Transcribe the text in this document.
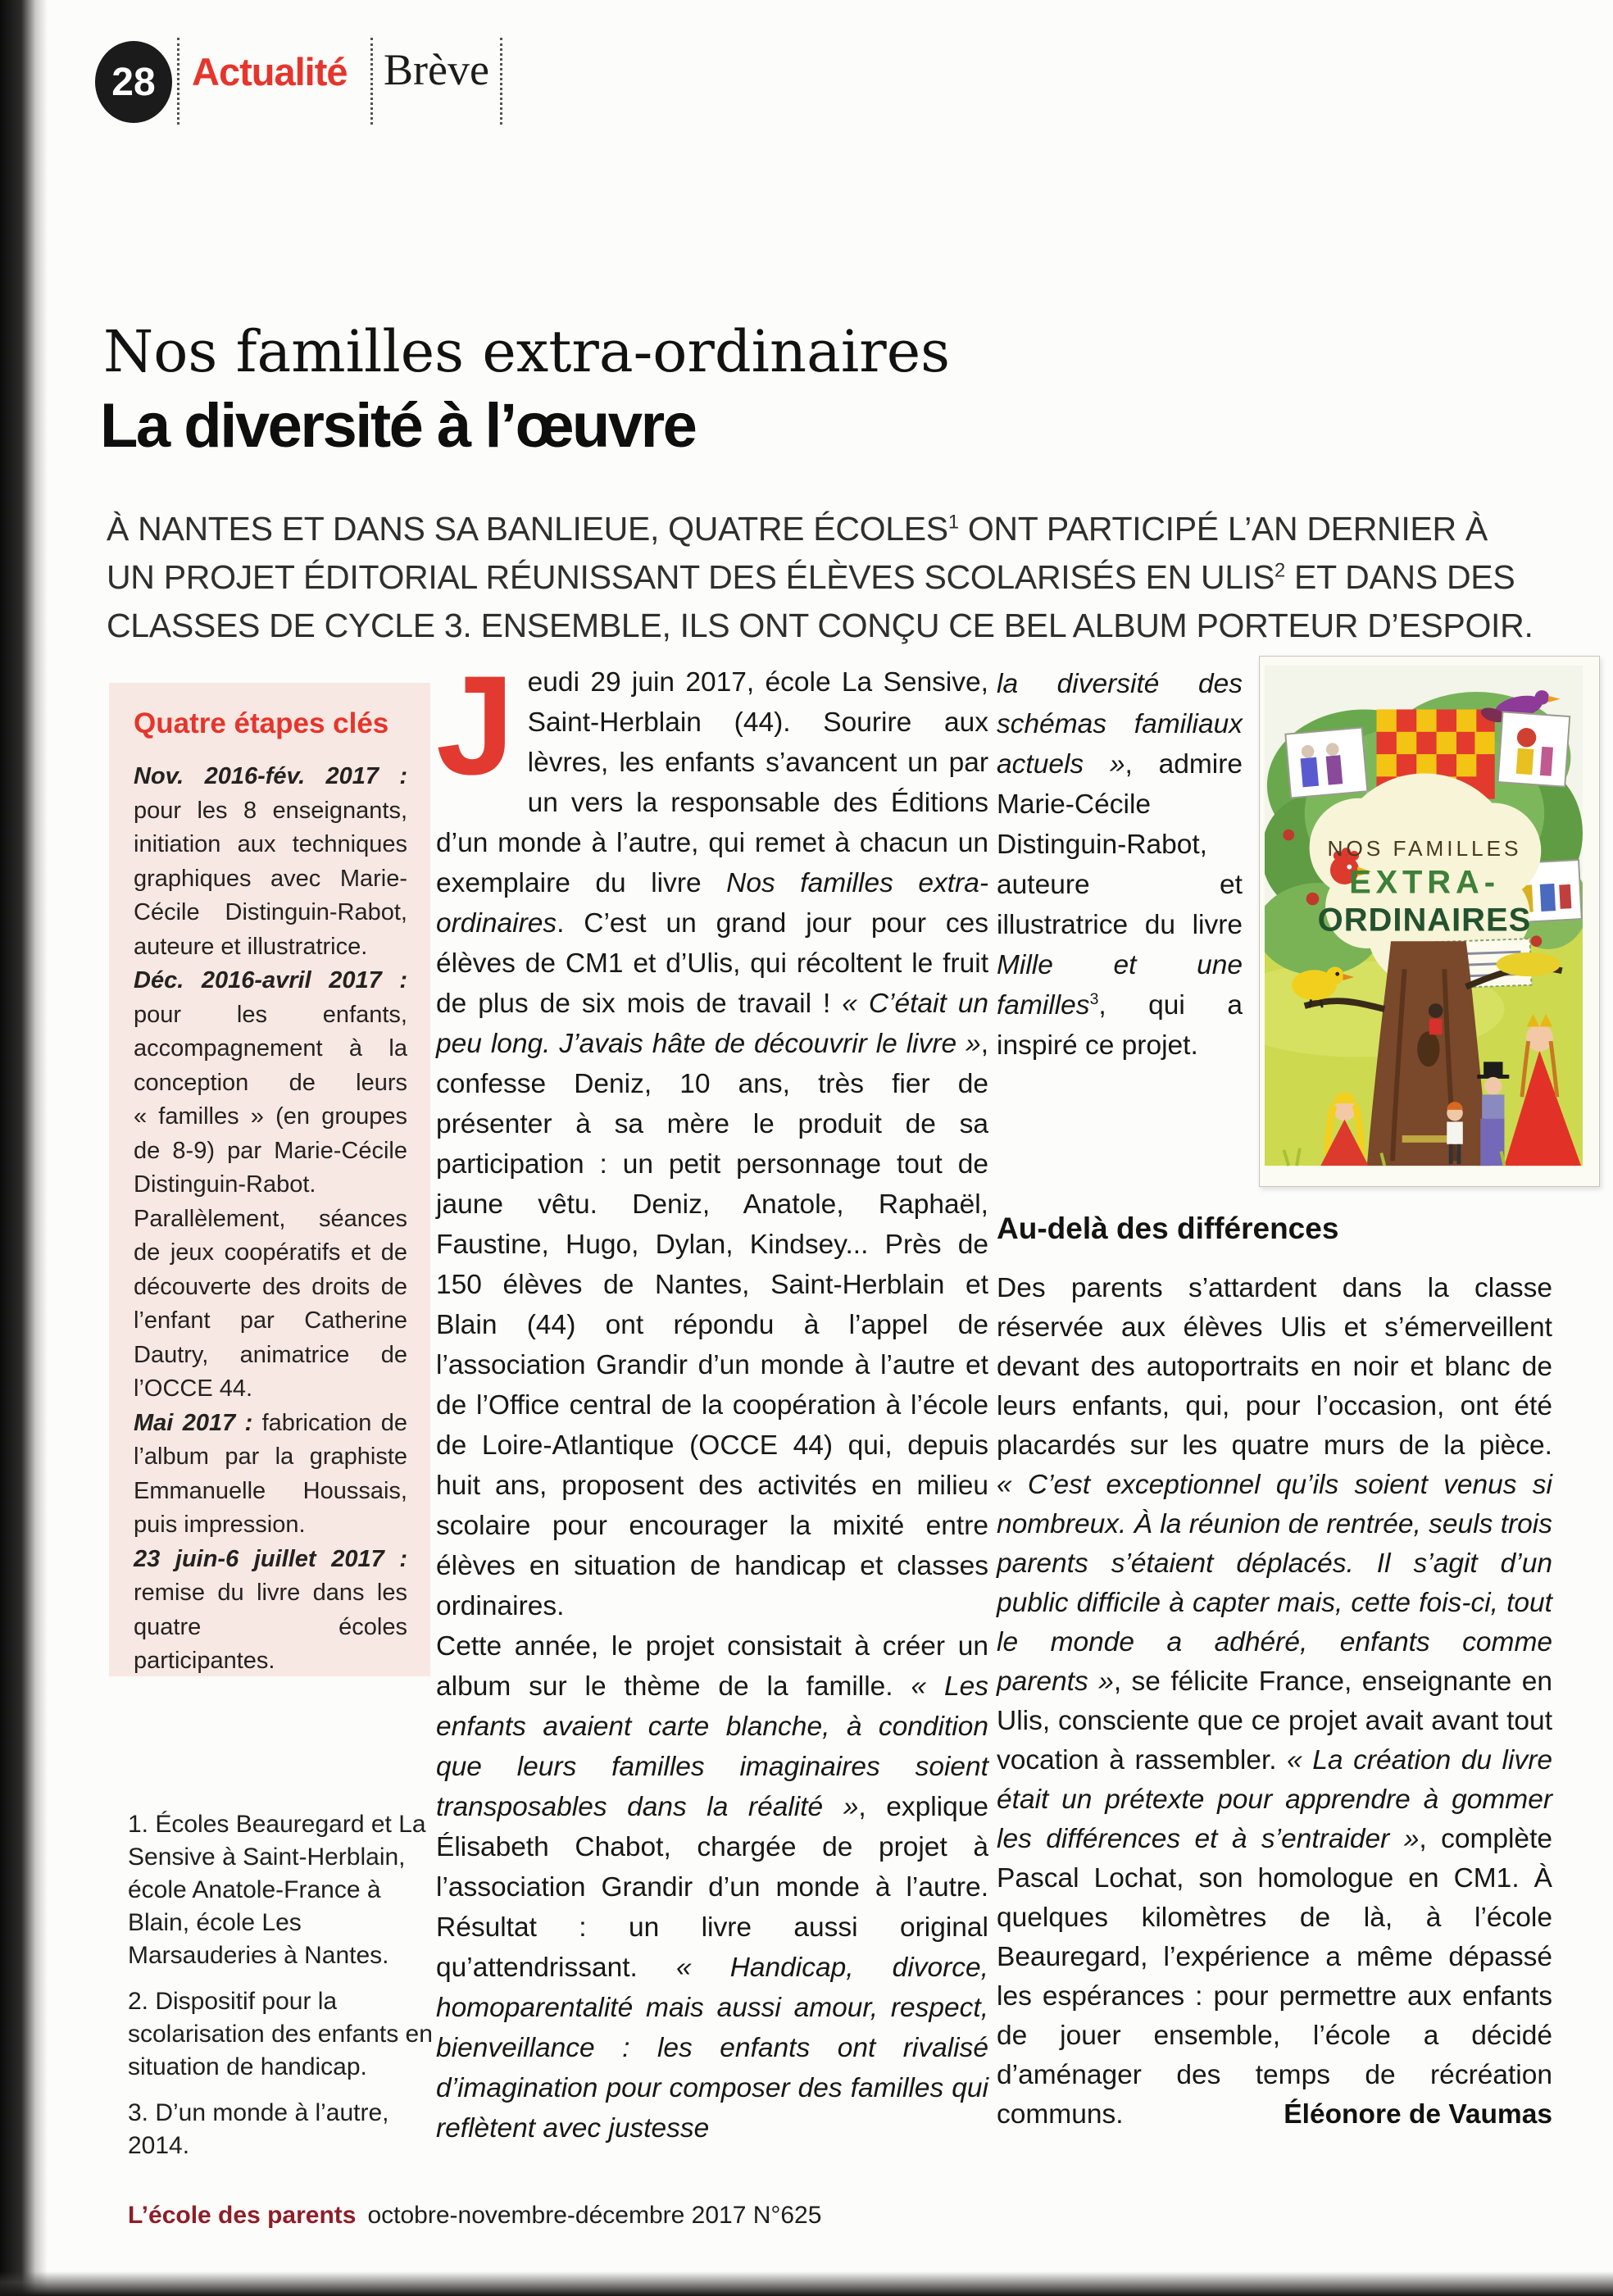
28 Actualité Brève
Nos familles extra-ordinaires
La diversité à l’œuvre
À NANTES ET DANS SA BANLIEUE, QUATRE ÉCOLES$^1$ ONT PARTICIPÉ L’AN DERNIER À UN PROJET ÉDITORIAL RÉUNISSANT DES ÉLÈVES SCOLARISÉS EN ULIS$^2$ ET DANS DES CLASSES DE CYCLE 3. ENSEMBLE, ILS ONT CONÇU CE BEL ALBUM PORTEUR D’ESPOIR.
Quatre étapes clés

Nov. 2016-fév. 2017 : pour les 8 enseignants, initiation aux techniques graphiques avec Marie-Cécile Distinguin-Rabot, auteure et illustratrice.

Déc. 2016-avril 2017 : pour les enfants, accompagnement à la conception de leurs « familles » (en groupes de 8-9) par Marie-Cécile Distinguin-Rabot. Parallèlement, séances de jeux coopératifs et de découverte des droits de l’enfant par Catherine Dautry, animatrice de l’OCCE 44.

Mai 2017 : fabrication de l’album par la graphiste Emmanuelle Houssais, puis impression.

23 juin-6 juillet 2017 : remise du livre dans les quatre écoles participantes.

1. Écoles Beauregard et La Sensive à Saint-Herblain, école Anatole-France à Blain, école Les Marsauderies à Nantes.

2. Dispositif pour la scolarisation des enfants en situation de handicap.

3. D’un monde à l’autre, 2014.

Jeudi 29 juin 2017, école La Sensive, Saint-Herblain (44). Sourire aux lèvres, les enfants s’avancent un par un vers la responsable des Éditions d’un monde à l’autre, qui remet à chacun un exemplaire du livre Nos familles extra-ordinaires. C’est un grand jour pour ces élèves de CM1 et d’Ulis, qui récoltent le fruit de plus de six mois de travail ! « C’était un peu long. J’avais hâte de découvrir le livre », confesse Deniz, 10 ans, très fier de présenter à sa mère le produit de sa participation : un petit personnage tout de jaune vêtu. Deniz, Anatole, Raphaël, Faustine, Hugo, Dylan, Kindsey... Près de 150 élèves de Nantes, Saint-Herblain et Blain (44) ont répondu à l’appel de l’association Grandir d’un monde à l’autre et de l’Office central de la coopération à l’école de Loire-Atlantique (OCCE 44) qui, depuis huit ans, proposent des activités en milieu scolaire pour encourager la mixité entre élèves en situation de handicap et classes ordinaires.

Cette année, le projet consistait à créer un album sur le thème de la famille. « Les enfants avaient carte blanche, à condition que leurs familles imaginaires soient transposables dans la réalité », explique Élisabeth Chabot, chargée de projet à l’association Grandir d’un monde à l’autre. Résultat : un livre aussi original qu’attendrissant. « Handicap, divorce, homoparentalité mais aussi amour, respect, bienveillance : les enfants ont rivalisé d’imagination pour composer des familles qui reflètent avec justesse

la diversité des schémas familiaux actuels », admire Marie-Cécile Distinguin-Rabot, auteure et illustratrice du livre Mille et une familles$^3$, qui a inspiré ce projet.
NOS FAMILLES
EXTRA-
ORDINAIRES
Au-delà des différences
Des parents s’attardent dans la classe réservée aux élèves Ulis et s’émerveillent devant des autoportraits en noir et blanc de leurs enfants, qui, pour l’occasion, ont été placardés sur les quatre murs de la pièce. « C’est exceptionnel qu’ils soient venus si nombreux. À la réunion de rentrée, seuls trois parents s’étaient déplacés. Il s’agit d’un public difficile à capter mais, cette fois-ci, tout le monde a adhéré, enfants comme parents », se félicite France, enseignante en Ulis, consciente que ce projet avait avant tout vocation à rassembler. « La création du livre était un prétexte pour apprendre à gommer les différences et à s’entraider », complète Pascal Lochat, son homologue en CM1. À quelques kilomètres de là, à l’école Beauregard, l’expérience a même dépassé les espérances : pour permettre aux enfants de jouer ensemble, l’école a décidé d’aménager des temps de récréation communs.	Éléonore de Vaumas
L’école des parents octobre-novembre-décembre 2017 N°625
